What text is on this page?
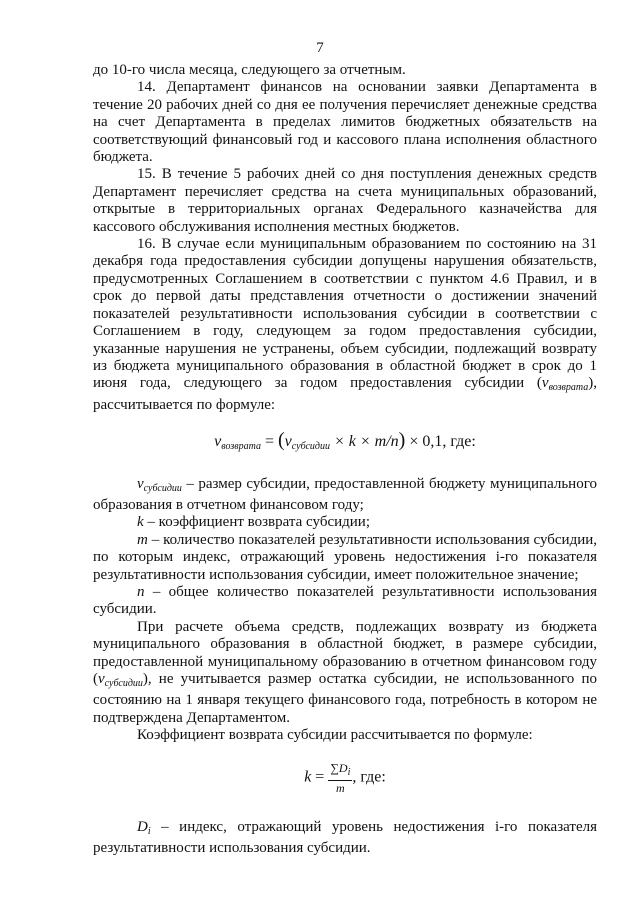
7

до 10-го числа месяца, следующего за отчетным.

14. Департамент финансов на основании заявки Департамента в течение 20 рабочих дней со дня ее получения перечисляет денежные средства на счет Департамента в пределах лимитов бюджетных обязательств на соответствующий финансовый год и кассового плана исполнения областного бюджета.

15. В течение 5 рабочих дней со дня поступления денежных средств Департамент перечисляет средства на счета муниципальных образований, открытые в территориальных органах Федерального казначейства для кассового обслуживания исполнения местных бюджетов.

16. В случае если муниципальным образованием по состоянию на 31 декабря года предоставления субсидии допущены нарушения обязательств, предусмотренных Соглашением в соответствии с пунктом 4.6 Правил, и в срок до первой даты представления отчетности о достижении значений показателей результативности использования субсидии в соответствии с Соглашением в году, следующем за годом предоставления субсидии, указанные нарушения не устранены, объем субсидии, подлежащий возврату из бюджета муниципального образования в областной бюджет в срок до 1 июня года, следующего за годом предоставления субсидии $(v_{возврата})$, рассчитывается по формуле:

$v_{возврата} = (v_{субсидии} \times k \times m/n) \times 0,1$, где:

$v_{субсидии}$ – размер субсидии, предоставленной бюджету муниципального образования в отчетном финансовом году;

k – коэффициент возврата субсидии;

m – количество показателей результативности использования субсидии, по которым индекс, отражающий уровень недостижения i-го показателя результативности использования субсидии, имеет положительное значение;

n – общее количество показателей результативности использования субсидии.

При расчете объема средств, подлежащих возврату из бюджета муниципального образования в областной бюджет, в размере субсидии, предоставленной муниципальному образованию в отчетном финансовом году $(v_{субсидии})$, не учитывается размер остатка субсидии, не использованного по состоянию на 1 января текущего финансового года, потребность в котором не подтверждена Департаментом.

Коэффициент возврата субсидии рассчитывается по формуле:

$k = \frac{\sum D_i}{m}$ , где:

$D_i$ – индекс, отражающий уровень недостижения i-го показателя результативности использования субсидии.
